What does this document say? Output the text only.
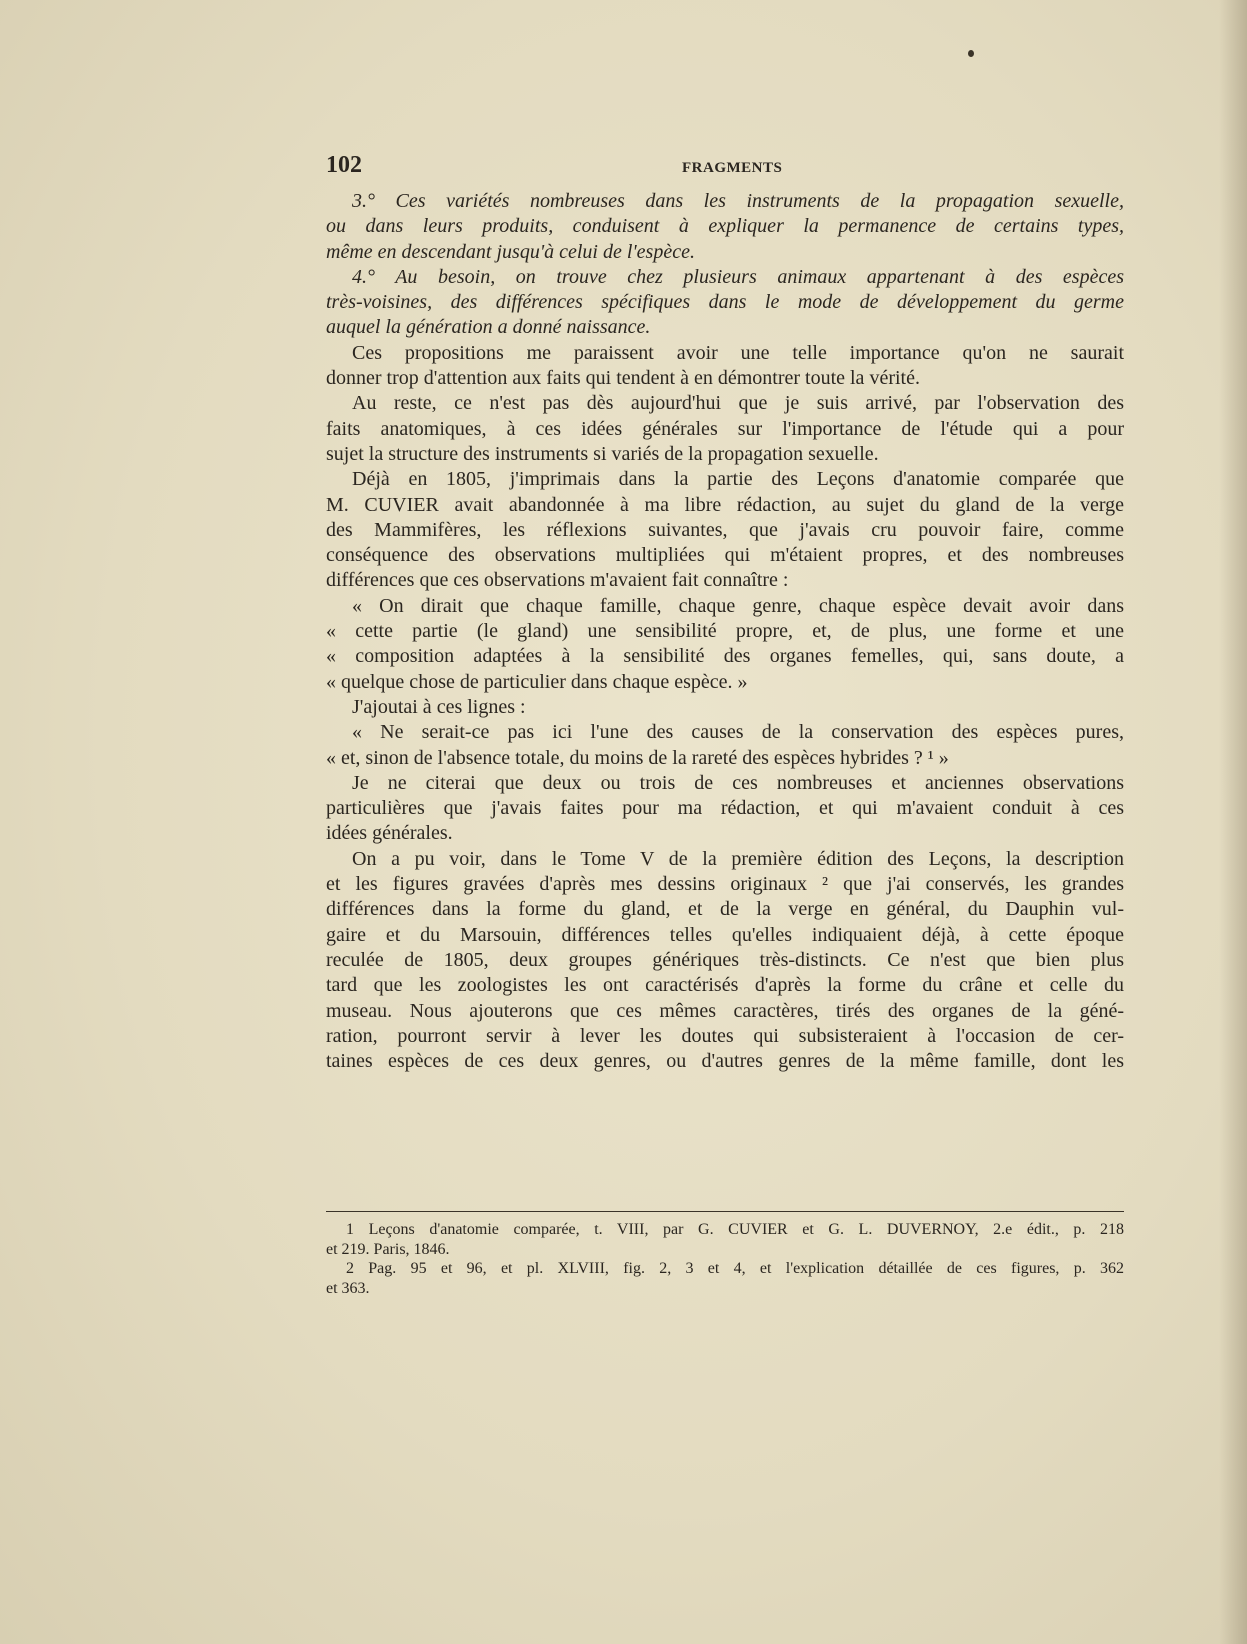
102	FRAGMENTS
3.° Ces variétés nombreuses dans les instruments de la propagation sexuelle,
ou dans leurs produits, conduisent à expliquer la permanence de certains types,
même en descendant jusqu'à celui de l'espèce.
4.° Au besoin, on trouve chez plusieurs animaux appartenant à des espèces
très-voisines, des différences spécifiques dans le mode de développement du germe
auquel la génération a donné naissance.
Ces propositions me paraissent avoir une telle importance qu'on ne saurait
donner trop d'attention aux faits qui tendent à en démontrer toute la vérité.
Au reste, ce n'est pas dès aujourd'hui que je suis arrivé, par l'observation des
faits anatomiques, à ces idées générales sur l'importance de l'étude qui a pour
sujet la structure des instruments si variés de la propagation sexuelle.
Déjà en 1805, j'imprimais dans la partie des Leçons d'anatomie comparée que
M. CUVIER avait abandonnée à ma libre rédaction, au sujet du gland de la verge
des Mammifères, les réflexions suivantes, que j'avais cru pouvoir faire, comme
conséquence des observations multipliées qui m'étaient propres, et des nombreuses
différences que ces observations m'avaient fait connaître :
« On dirait que chaque famille, chaque genre, chaque espèce devait avoir dans
« cette partie (le gland) une sensibilité propre, et, de plus, une forme et une
« composition adaptées à la sensibilité des organes femelles, qui, sans doute, a
« quelque chose de particulier dans chaque espèce. »
J'ajoutai à ces lignes :
« Ne serait-ce pas ici l'une des causes de la conservation des espèces pures,
« et, sinon de l'absence totale, du moins de la rareté des espèces hybrides ? ¹ »
Je ne citerai que deux ou trois de ces nombreuses et anciennes observations
particulières que j'avais faites pour ma rédaction, et qui m'avaient conduit à ces
idées générales.
On a pu voir, dans le Tome V de la première édition des Leçons, la description
et les figures gravées d'après mes dessins originaux ² que j'ai conservés, les grandes
différences dans la forme du gland, et de la verge en général, du Dauphin vul-
gaire et du Marsouin, différences telles qu'elles indiquaient déjà, à cette époque
reculée de 1805, deux groupes génériques très-distincts. Ce n'est que bien plus
tard que les zoologistes les ont caractérisés d'après la forme du crâne et celle du
museau. Nous ajouterons que ces mêmes caractères, tirés des organes de la géné-
ration, pourront servir à lever les doutes qui subsisteraient à l'occasion de cer-
taines espèces de ces deux genres, ou d'autres genres de la même famille, dont les
1 Leçons d'anatomie comparée, t. VIII, par G. CUVIER et G. L. DUVERNOY, 2.e édit., p. 218
et 219. Paris, 1846.
2 Pag. 95 et 96, et pl. XLVIII, fig. 2, 3 et 4, et l'explication détaillée de ces figures, p. 362
et 363.
